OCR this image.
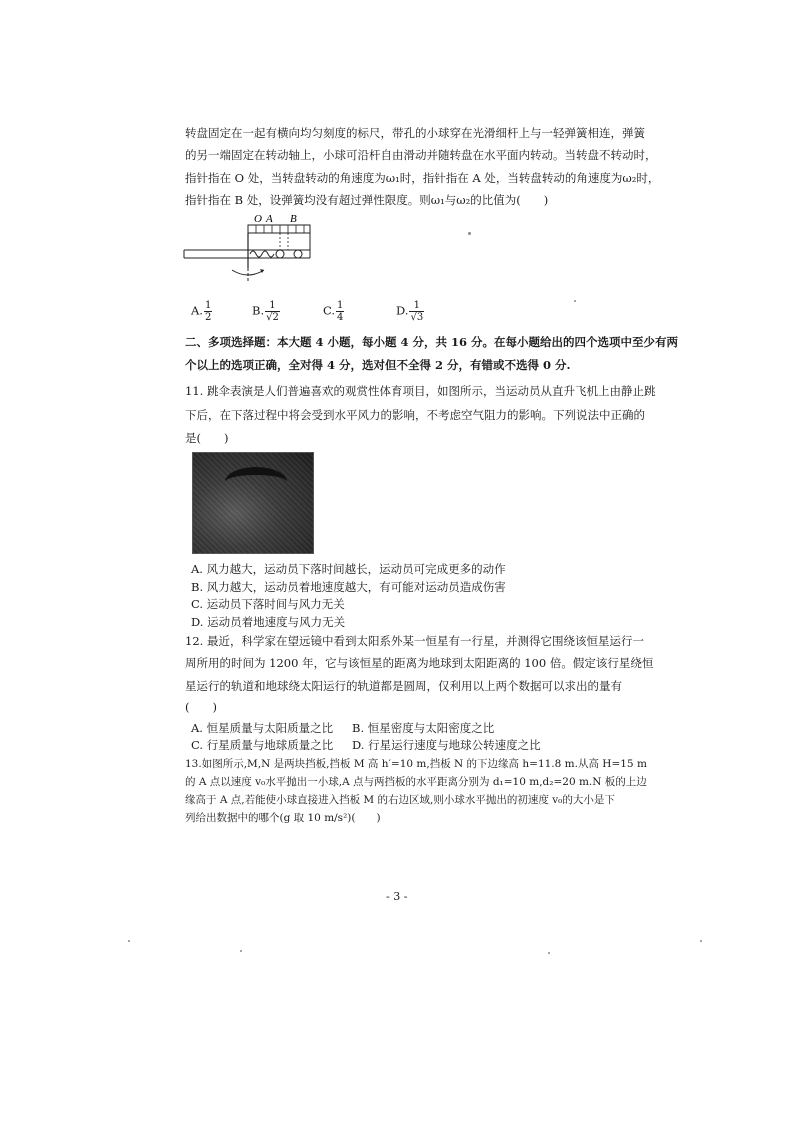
转盘固定在一起有横向均匀刻度的标尺，带孔的小球穿在光滑细杆上与一轻弹簧相连，弹簧
的另一端固定在转动轴上，小球可沿杆自由滑动并随转盘在水平面内转动。当转盘不转动时，
指针指在 O 处，当转盘转动的角速度为ω₁时，指针指在 A 处，当转盘转动的角速度为ω₂时，
指针指在 B 处，设弹簧均没有超过弹性限度。则ω₁与ω₂的比值为(　　)
O A B
A. $\frac{1}{2}$	B. $\frac{1}{√2}$	C. $\frac{1}{4}$	D. $\frac{1}{√3}$
二、多项选择题：本大题 4 小题，每小题 4 分，共 16 分。在每小题给出的四个选项中至少有两
个以上的选项正确，全对得 4 分，选对但不全得 2 分，有错或不选得 0 分.
11. 跳伞表演是人们普遍喜欢的观赏性体育项目，如图所示，当运动员从直升飞机上由静止跳
下后，在下落过程中将会受到水平风力的影响，不考虑空气阻力的影响。下列说法中正确的
是(　　)
A. 风力越大，运动员下落时间越长，运动员可完成更多的动作
B. 风力越大，运动员着地速度越大，有可能对运动员造成伤害
C. 运动员下落时间与风力无关
D. 运动员着地速度与风力无关
12. 最近，科学家在望远镜中看到太阳系外某一恒星有一行星，并测得它围绕该恒星运行一
周所用的时间为 1200 年，它与该恒星的距离为地球到太阳距离的 100 倍。假定该行星绕恒
星运行的轨道和地球绕太阳运行的轨道都是圆周，仅利用以上两个数据可以求出的量有
(　　)
A. 恒星质量与太阳质量之比 B. 恒星密度与太阳密度之比
C. 行星质量与地球质量之比 D. 行星运行速度与地球公转速度之比
13.如图所示,M,N 是两块挡板,挡板 M 高 h′=10 m,挡板 N 的下边缘高 h=11.8 m.从高 H=15 m
的 A 点以速度 v₀水平抛出一小球,A 点与两挡板的水平距离分别为 d₁=10 m,d₂=20 m.N 板的上边
缘高于 A 点,若能使小球直接进入挡板 M 的右边区域,则小球水平抛出的初速度 v₀的大小是下
列给出数据中的哪个(g 取 10 m/s²)(　　)
- 3 -
